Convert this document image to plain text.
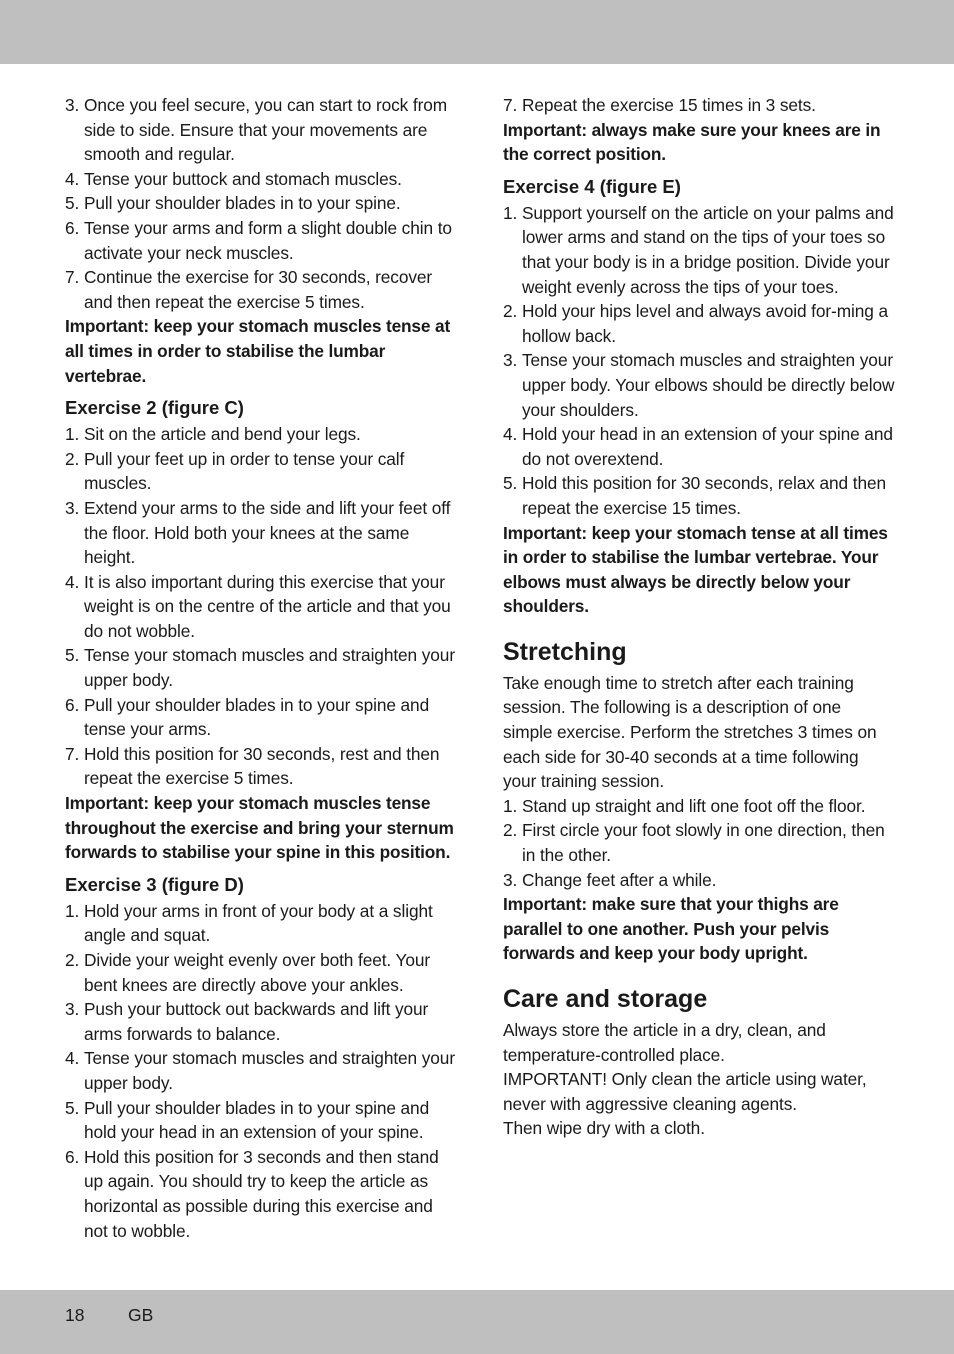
3. Once you feel secure, you can start to rock from side to side. Ensure that your movements are smooth and regular.
4. Tense your buttock and stomach muscles.
5. Pull your shoulder blades in to your spine.
6. Tense your arms and form a slight double chin to activate your neck muscles.
7. Continue the exercise for 30 seconds, recover and then repeat the exercise 5 times.

Important: keep your stomach muscles tense at all times in order to stabilise the lumbar vertebrae.

Exercise 2 (figure C)
1. Sit on the article and bend your legs.
2. Pull your feet up in order to tense your calf muscles.
3. Extend your arms to the side and lift your feet off the floor. Hold both your knees at the same height.
4. It is also important during this exercise that your weight is on the centre of the article and that you do not wobble.
5. Tense your stomach muscles and straighten your upper body.
6. Pull your shoulder blades in to your spine and tense your arms.
7. Hold this position for 30 seconds, rest and then repeat the exercise 5 times.

Important: keep your stomach muscles tense throughout the exercise and bring your sternum forwards to stabilise your spine in this position.

Exercise 3 (figure D)
1. Hold your arms in front of your body at a slight angle and squat.
2. Divide your weight evenly over both feet. Your bent knees are directly above your ankles.
3. Push your buttock out backwards and lift your arms forwards to balance.
4. Tense your stomach muscles and straighten your upper body.
5. Pull your shoulder blades in to your spine and hold your head in an extension of your spine.
6. Hold this position for 3 seconds and then stand up again. You should try to keep the article as horizontal as possible during this exercise and not to wobble.
7. Repeat the exercise 15 times in 3 sets.

Important: always make sure your knees are in the correct position.

Exercise 4 (figure E)
1. Support yourself on the article on your palms and lower arms and stand on the tips of your toes so that your body is in a bridge position. Divide your weight evenly across the tips of your toes.
2. Hold your hips level and always avoid for-ming a hollow back.
3. Tense your stomach muscles and straighten your upper body. Your elbows should be directly below your shoulders.
4. Hold your head in an extension of your spine and do not overextend.
5. Hold this position for 30 seconds, relax and then repeat the exercise 15 times.

Important: keep your stomach tense at all times in order to stabilise the lumbar vertebrae. Your elbows must always be directly below your shoulders.

Stretching

Take enough time to stretch after each training session. The following is a description of one simple exercise. Perform the stretches 3 times on each side for 30-40 seconds at a time following your training session.

1. Stand up straight and lift one foot off the floor.
2. First circle your foot slowly in one direction, then in the other.
3. Change feet after a while.

Important: make sure that your thighs are parallel to one another. Push your pelvis forwards and keep your body upright.

Care and storage

Always store the article in a dry, clean, and temperature-controlled place.

IMPORTANT! Only clean the article using water, never with aggressive cleaning agents.

Then wipe dry with a cloth.

18 GB
